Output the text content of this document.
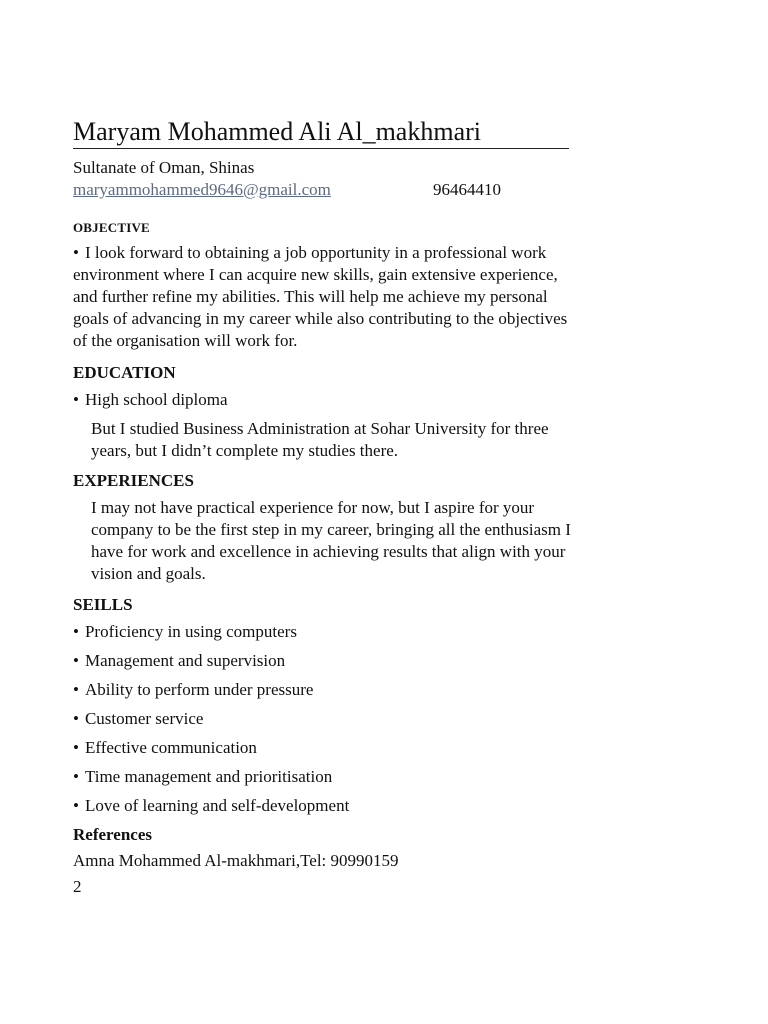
Maryam Mohammed Ali Al_makhmari
Sultanate of Oman, Shinas
maryammohammed9646@gmail.com	96464410
OBJECTIVE
• I look forward to obtaining a job opportunity in a professional work environment where I can acquire new skills, gain extensive experience, and further refine my abilities. This will help me achieve my personal goals of advancing in my career while also contributing to the objectives of the organisation will work for.
EDUCATION
• High school diploma
But I studied Business Administration at Sohar University for three years, but I didn’t complete my studies there.
EXPERIENCES
I may not have practical experience for now, but I aspire for your company to be the first step in my career, bringing all the enthusiasm I have for work and excellence in achieving results that align with your vision and goals.
SEILLS
• Proficiency in using computers
• Management and supervision
• Ability to perform under pressure
• Customer service
• Effective communication
• Time management and prioritisation
• Love of learning and self-development
References
Amna Mohammed Al-makhmari,Tel: 90990159
2
